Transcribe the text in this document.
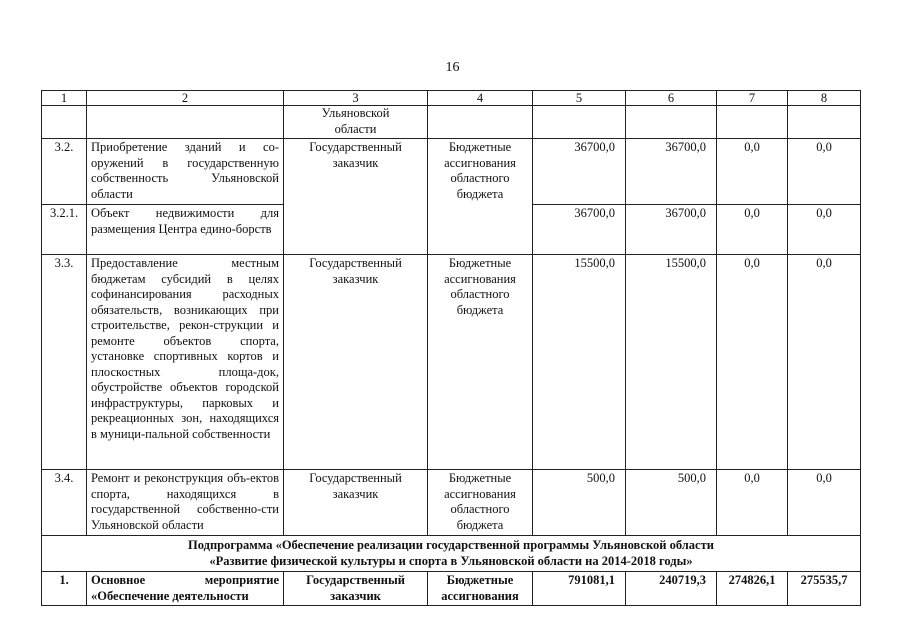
16
1	2	3	4	5	6	7	8
		Ульяновской области					
3.2.	Приобретение зданий и со-оружений в государственную собственность Ульяновской области	Государственный заказчик	Бюджетные ассигнования областного бюджета	36700,0	36700,0	0,0	0,0
3.2.1.	Объект недвижимости для размещения Центра едино-борств			36700,0	36700,0	0,0	0,0
3.3.	Предоставление местным бюджетам субсидий в целях софинансирования расходных обязательств, возникающих при строительстве, рекон-струкции и ремонте объектов спорта, установке спортивных кортов и плоскостных площа-док, обустройстве объектов городской инфраструктуры, парковых и рекреационных зон, находящихся в муници-пальной собственности	Государственный заказчик	Бюджетные ассигнования областного бюджета	15500,0	15500,0	0,0	0,0
3.4.	Ремонт и реконструкция объ-ектов спорта, находящихся в государственной собственно-сти Ульяновской области	Государственный заказчик	Бюджетные ассигнования областного бюджета	500,0	500,0	0,0	0,0

Подпрограмма «Обеспечение реализации государственной программы Ульяновской области
«Развитие физической культуры и спорта в Ульяновской области на 2014-2018 годы»							

1.	Основное мероприятие «Обеспечение деятельности	Государственный заказчик	Бюджетные ассигнования	791081,1	240719,3	274826,1	275535,7
